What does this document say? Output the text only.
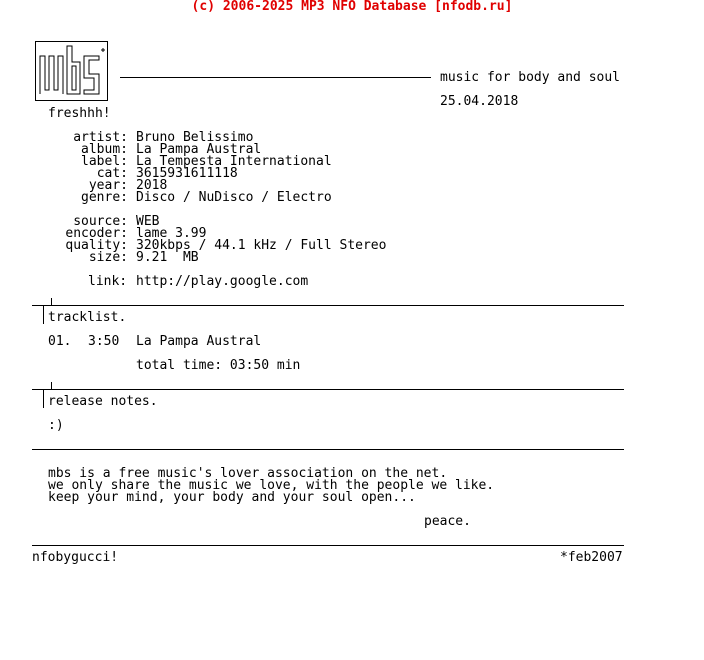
(c) 2006-2025 MP3 NFO Database [nfodb.ru]
music for body and soul
25.04.2018
freshhh!
artist: Bruno Belissimo
album: La Pampa Austral
label: La Tempesta International
cat: 3615931611118
year: 2018
genre: Disco / NuDisco / Electro
source: WEB
encoder: lame 3.99
quality: 320kbps / 44.1 kHz / Full Stereo
size: 9.21  MB
link: http://play.google.com
tracklist.
01. 3:50 La Pampa Austral
total time: 03:50 min
release notes.
:)
mbs is a free music's lover association on the net.
we only share the music we love, with the people we like.
keep your mind, your body and your soul open...
peace.
nfobygucci!	*feb2007
